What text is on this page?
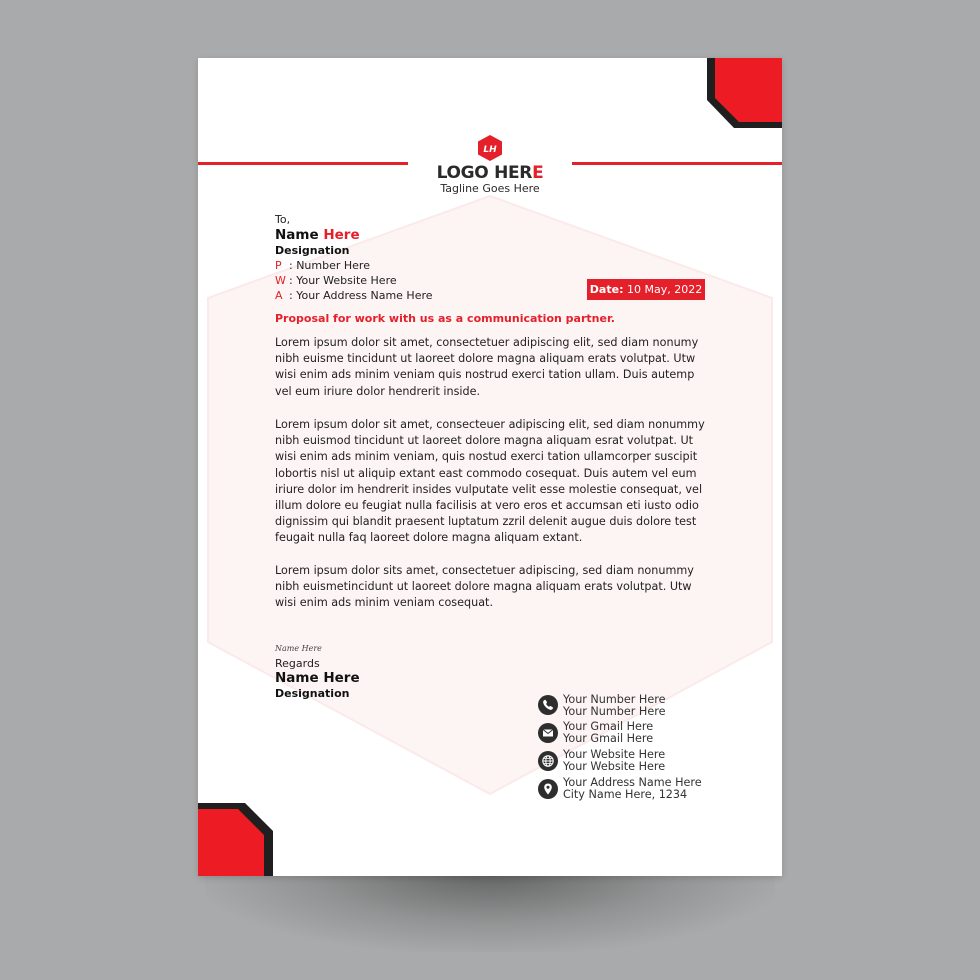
LH
LOGO HERE
Tagline Goes Here
To,
Name Here
Designation
P : Number Here
W : Your Website Here
A : Your Address Name Here	Date: 10 May, 2022
Proposal for work with us as a communication partner.
Lorem ipsum dolor sit amet, consectetuer adipiscing elit, sed diam nonumy
nibh euisme tincidunt ut laoreet dolore magna aliquam erats volutpat. Utw
wisi enim ads minim veniam quis nostrud exerci tation ullam. Duis autemp
vel eum iriure dolor hendrerit inside.
Lorem ipsum dolor sit amet, consecteuer adipiscing elit, sed diam nonummy
nibh euismod tincidunt ut laoreet dolore magna aliquam esrat volutpat. Ut
wisi enim ads minim veniam, quis nostud exerci tation ullamcorper suscipit
lobortis nisl ut aliquip extant east commodo cosequat. Duis autem vel eum
iriure dolor im hendrerit insides vulputate velit esse molestie consequat, vel
illum dolore eu feugiat nulla facilisis at vero eros et accumsan eti iusto odio
dignissim qui blandit praesent luptatum zzril delenit augue duis dolore test
feugait nulla faq laoreet dolore magna aliquam extant.
Lorem ipsum dolor sits amet, consectetuer adipiscing, sed diam nonummy
nibh euismetincidunt ut laoreet dolore magna aliquam erats volutpat. Utw
wisi enim ads minim veniam cosequat.
Name Here
Regards
Name Here
Designation	Your Number Here
Your Number Here
Your Gmail Here
Your Gmail Here
Your Website Here
Your Website Here
Your Address Name Here
City Name Here, 1234
